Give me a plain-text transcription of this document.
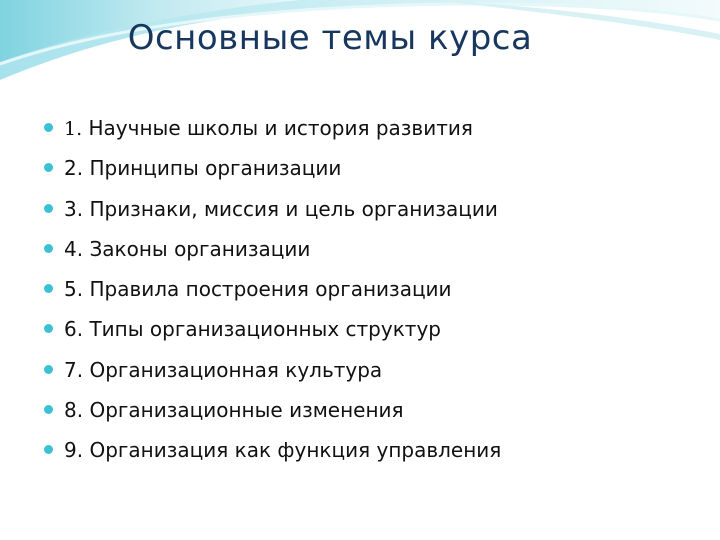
Основные темы курса
1. Научные школы и история развития
2. Принципы организации
3. Признаки, миссия и цель организации
4. Законы организации
5. Правила построения организации
6. Типы организационных структур
7. Организационная культура
8. Организационные изменения
9. Организация как функция управления
